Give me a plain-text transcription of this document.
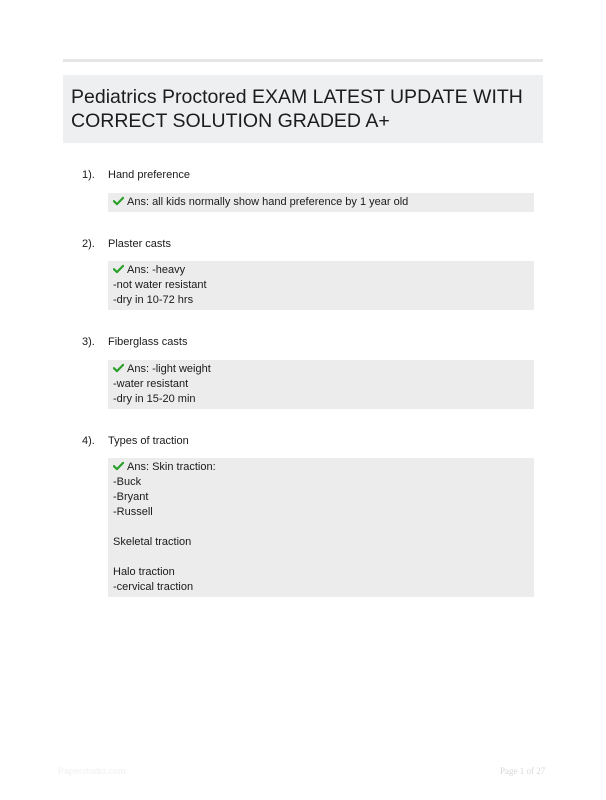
Pediatrics Proctored EXAM LATEST UPDATE WITH CORRECT SOLUTION GRADED A+
1). Hand preference
Ans: all kids normally show hand preference by 1 year old
2). Plaster casts
Ans: -heavy
-not water resistant
-dry in 10-72 hrs
3). Fiberglass casts
Ans: -light weight
-water resistant
-dry in 15-20 min
4). Types of traction
Ans: Skin traction:
-Buck
-Bryant
-Russell
Skeletal traction
Halo traction
-cervical traction
Paperstudio.com	Page 1 of 27
